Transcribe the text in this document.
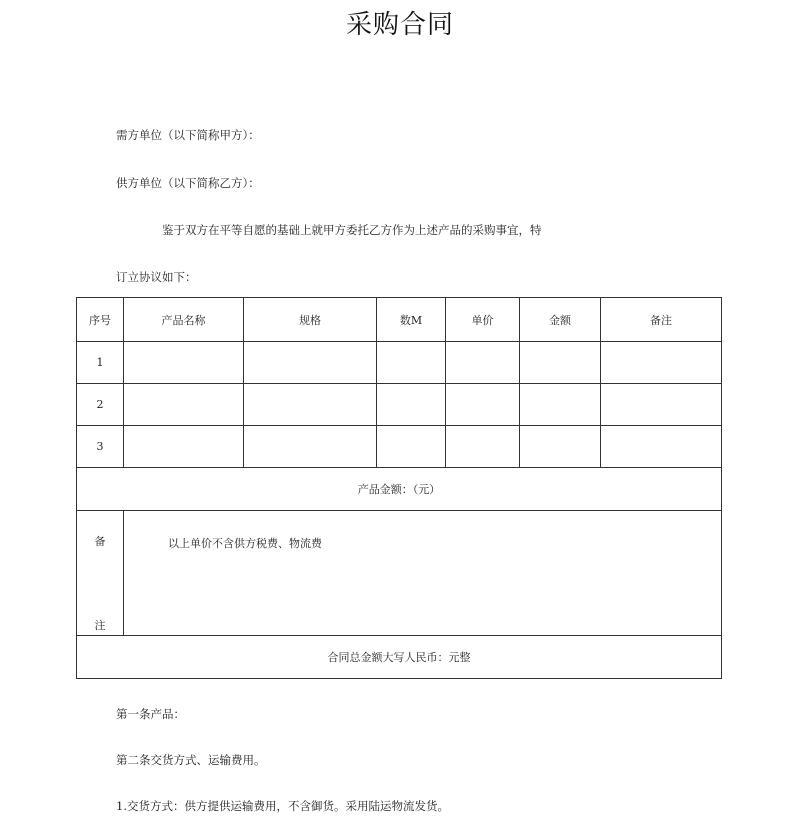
采购合同
需方单位（以下简称甲方）：
供方单位（以下简称乙方）：
鉴于双方在平等自愿的基础上就甲方委托乙方作为上述产品的采购事宜，特
订立协议如下：
序号	产品名称	规格	数M	单价	金额	备注
1						
2						
3						
产品金额：（元）						

备
注	以上单价不含供方税费、物流费					

合同总金额大写人民币：元整						
第一条产品：
第二条交货方式、运输费用。
1.交货方式：供方提供运输费用，不含御货。采用陆运物流发货。
